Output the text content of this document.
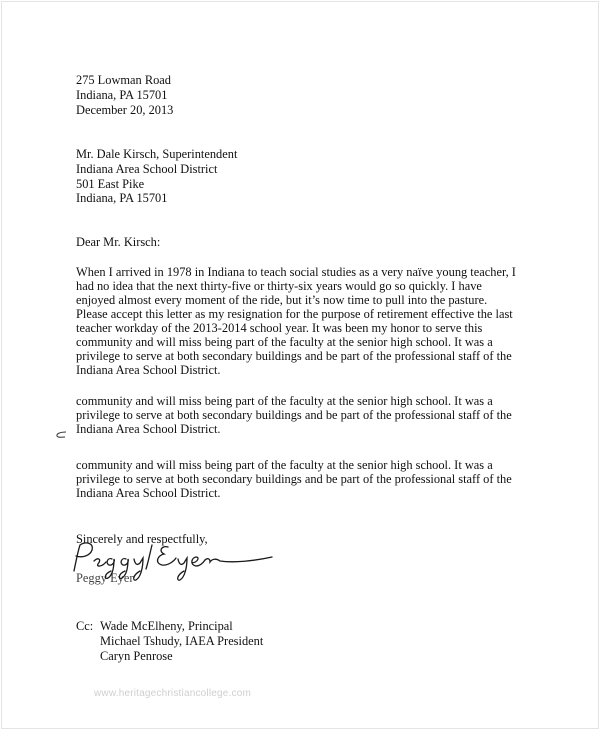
275 Lowman Road
Indiana, PA 15701
December 20, 2013
Mr. Dale Kirsch, Superintendent
Indiana Area School District
501 East Pike
Indiana, PA 15701
Dear Mr. Kirsch:
When I arrived in 1978 in Indiana to teach social studies as a very naïve young teacher, I
had no idea that the next thirty-five or thirty-six years would go so quickly. I have
enjoyed almost every moment of the ride, but it’s now time to pull into the pasture.
Please accept this letter as my resignation for the purpose of retirement effective the last
teacher workday of the 2013-2014 school year. It was been my honor to serve this
community and will miss being part of the faculty at the senior high school. It was a
privilege to serve at both secondary buildings and be part of the professional staff of the
Indiana Area School District.
community and will miss being part of the faculty at the senior high school. It was a
privilege to serve at both secondary buildings and be part of the professional staff of the
Indiana Area School District.
community and will miss being part of the faculty at the senior high school. It was a
privilege to serve at both secondary buildings and be part of the professional staff of the
Indiana Area School District.
Sincerely and respectfully,
Peggy Eyer
Cc: Wade McElheny, Principal
Michael Tshudy, IAEA President
Caryn Penrose
www.heritagechristiancollege.com
